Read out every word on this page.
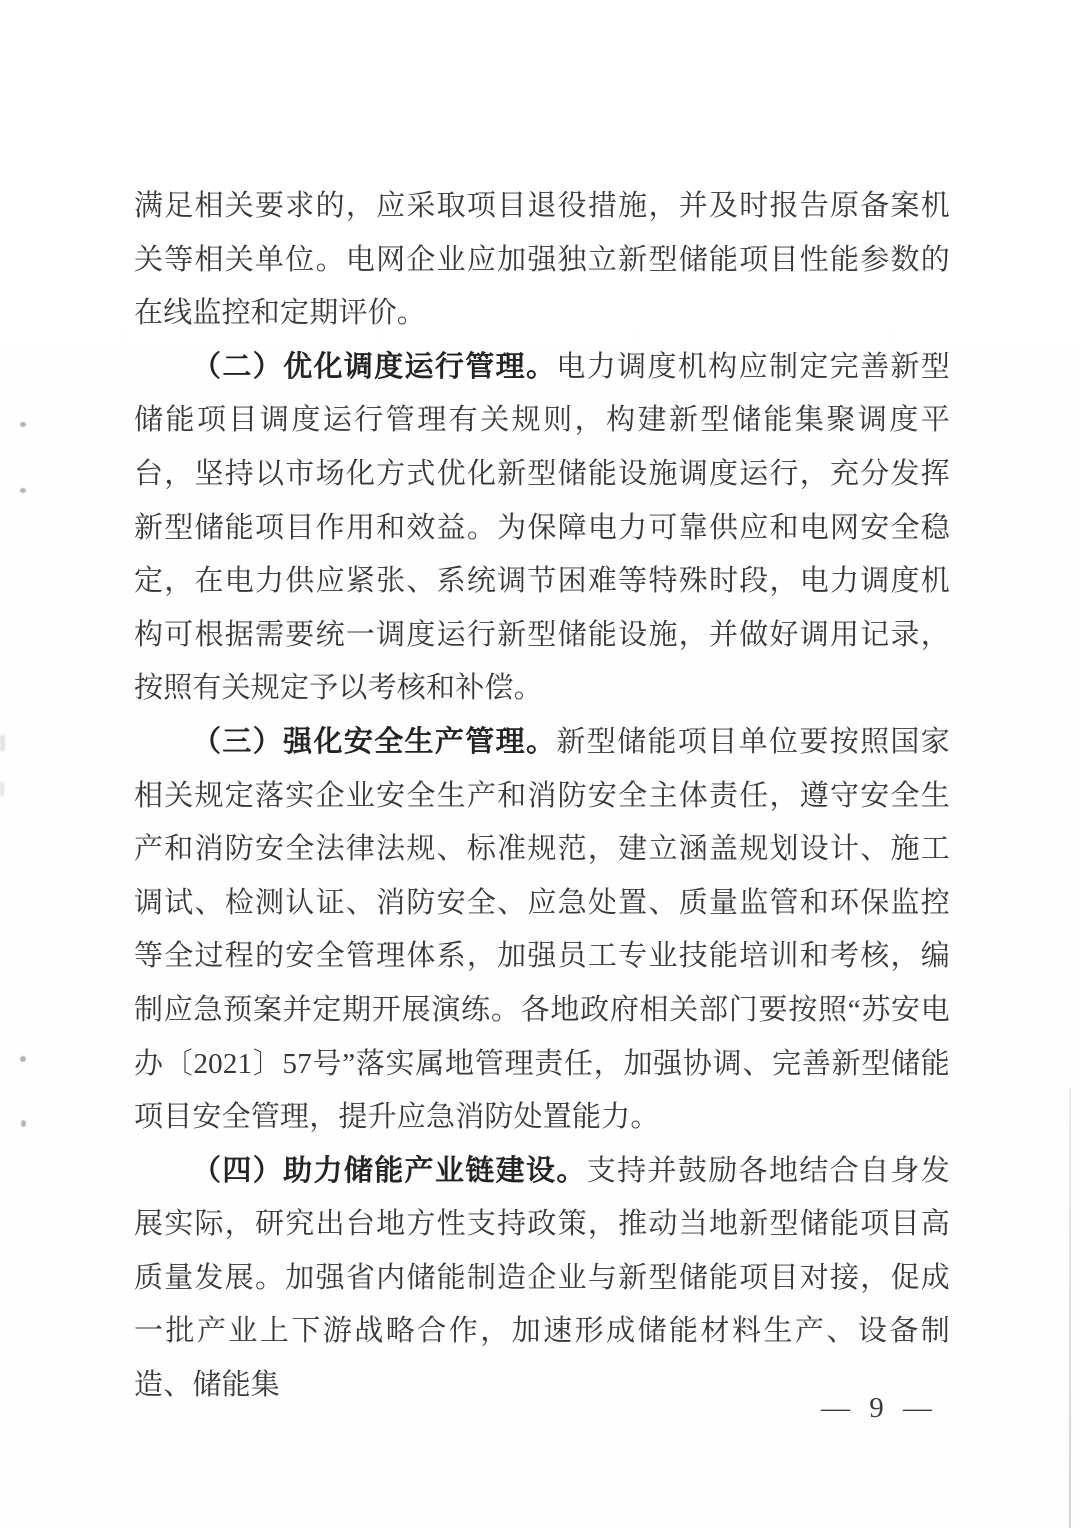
满足相关要求的，应采取项目退役措施，并及时报告原备案机关等相关单位。电网企业应加强独立新型储能项目性能参数的在线监控和定期评价。

（二）优化调度运行管理。电力调度机构应制定完善新型储能项目调度运行管理有关规则，构建新型储能集聚调度平台，坚持以市场化方式优化新型储能设施调度运行，充分发挥新型储能项目作用和效益。为保障电力可靠供应和电网安全稳定，在电力供应紧张、系统调节困难等特殊时段，电力调度机构可根据需要统一调度运行新型储能设施，并做好调用记录，按照有关规定予以考核和补偿。

（三）强化安全生产管理。新型储能项目单位要按照国家相关规定落实企业安全生产和消防安全主体责任，遵守安全生产和消防安全法律法规、标准规范，建立涵盖规划设计、施工调试、检测认证、消防安全、应急处置、质量监管和环保监控等全过程的安全管理体系，加强员工专业技能培训和考核，编制应急预案并定期开展演练。各地政府相关部门要按照“苏安电办〔2021〕57号”落实属地管理责任，加强协调、完善新型储能项目安全管理，提升应急消防处置能力。

（四）助力储能产业链建设。支持并鼓励各地结合自身发展实际，研究出台地方性支持政策，推动当地新型储能项目高质量发展。加强省内储能制造企业与新型储能项目对接，促成一批产业上下游战略合作，加速形成储能材料生产、设备制造、储能集

— 9 —
